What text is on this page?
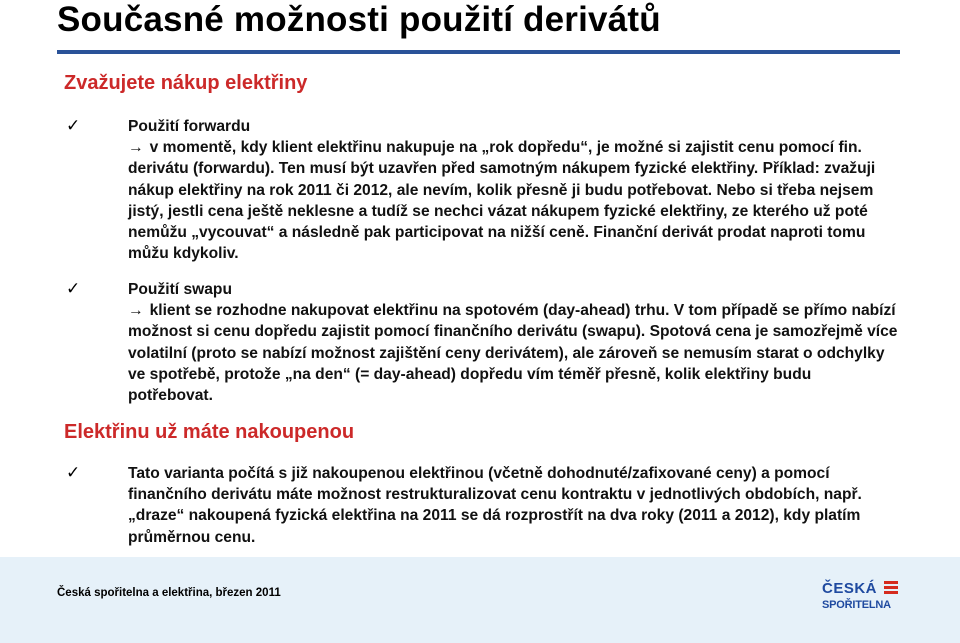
Současné možnosti použití derivátů
Zvažujete nákup elektřiny
✓	Použití forwardu
→ v momentě, kdy klient elektřinu nakupuje na „rok dopředu“, je možné si zajistit cenu pomocí fin. derivátu (forwardu). Ten musí být uzavřen před samotným nákupem fyzické elektřiny. Příklad: zvažuji nákup elektřiny na rok 2011 či 2012, ale nevím, kolik přesně ji budu potřebovat. Nebo si třeba nejsem jistý, jestli cena ještě neklesne a tudíž se nechci vázat nákupem fyzické elektřiny, ze kterého už poté nemůžu „vycouvat“ a následně pak participovat na nižší ceně. Finanční derivát prodat naproti tomu můžu kdykoliv.
✓	Použití swapu
→ klient se rozhodne nakupovat elektřinu na spotovém (day-ahead) trhu. V tom případě se přímo nabízí možnost si cenu dopředu zajistit pomocí finančního derivátu (swapu). Spotová cena je samozřejmě více volatilní (proto se nabízí možnost zajištění ceny derivátem), ale zároveň se nemusím starat o odchylky ve spotřebě, protože „na den“ (= day-ahead) dopředu vím téměř přesně, kolik elektřiny budu potřebovat.
Elektřinu už máte nakoupenou
✓	Tato varianta počítá s již nakoupenou elektřinou (včetně dohodnuté/zafixované ceny) a pomocí finančního derivátu máte možnost restrukturalizovat cenu kontraktu v jednotlivých obdobích, např. „draze“ nakoupená fyzická elektřina na 2011 se dá rozprostřít na dva roky (2011 a 2012), kdy platím průměrnou cenu.
Česká spořitelna a elektřina, březen 2011	ČESKÁ
SPOŘITELNA
